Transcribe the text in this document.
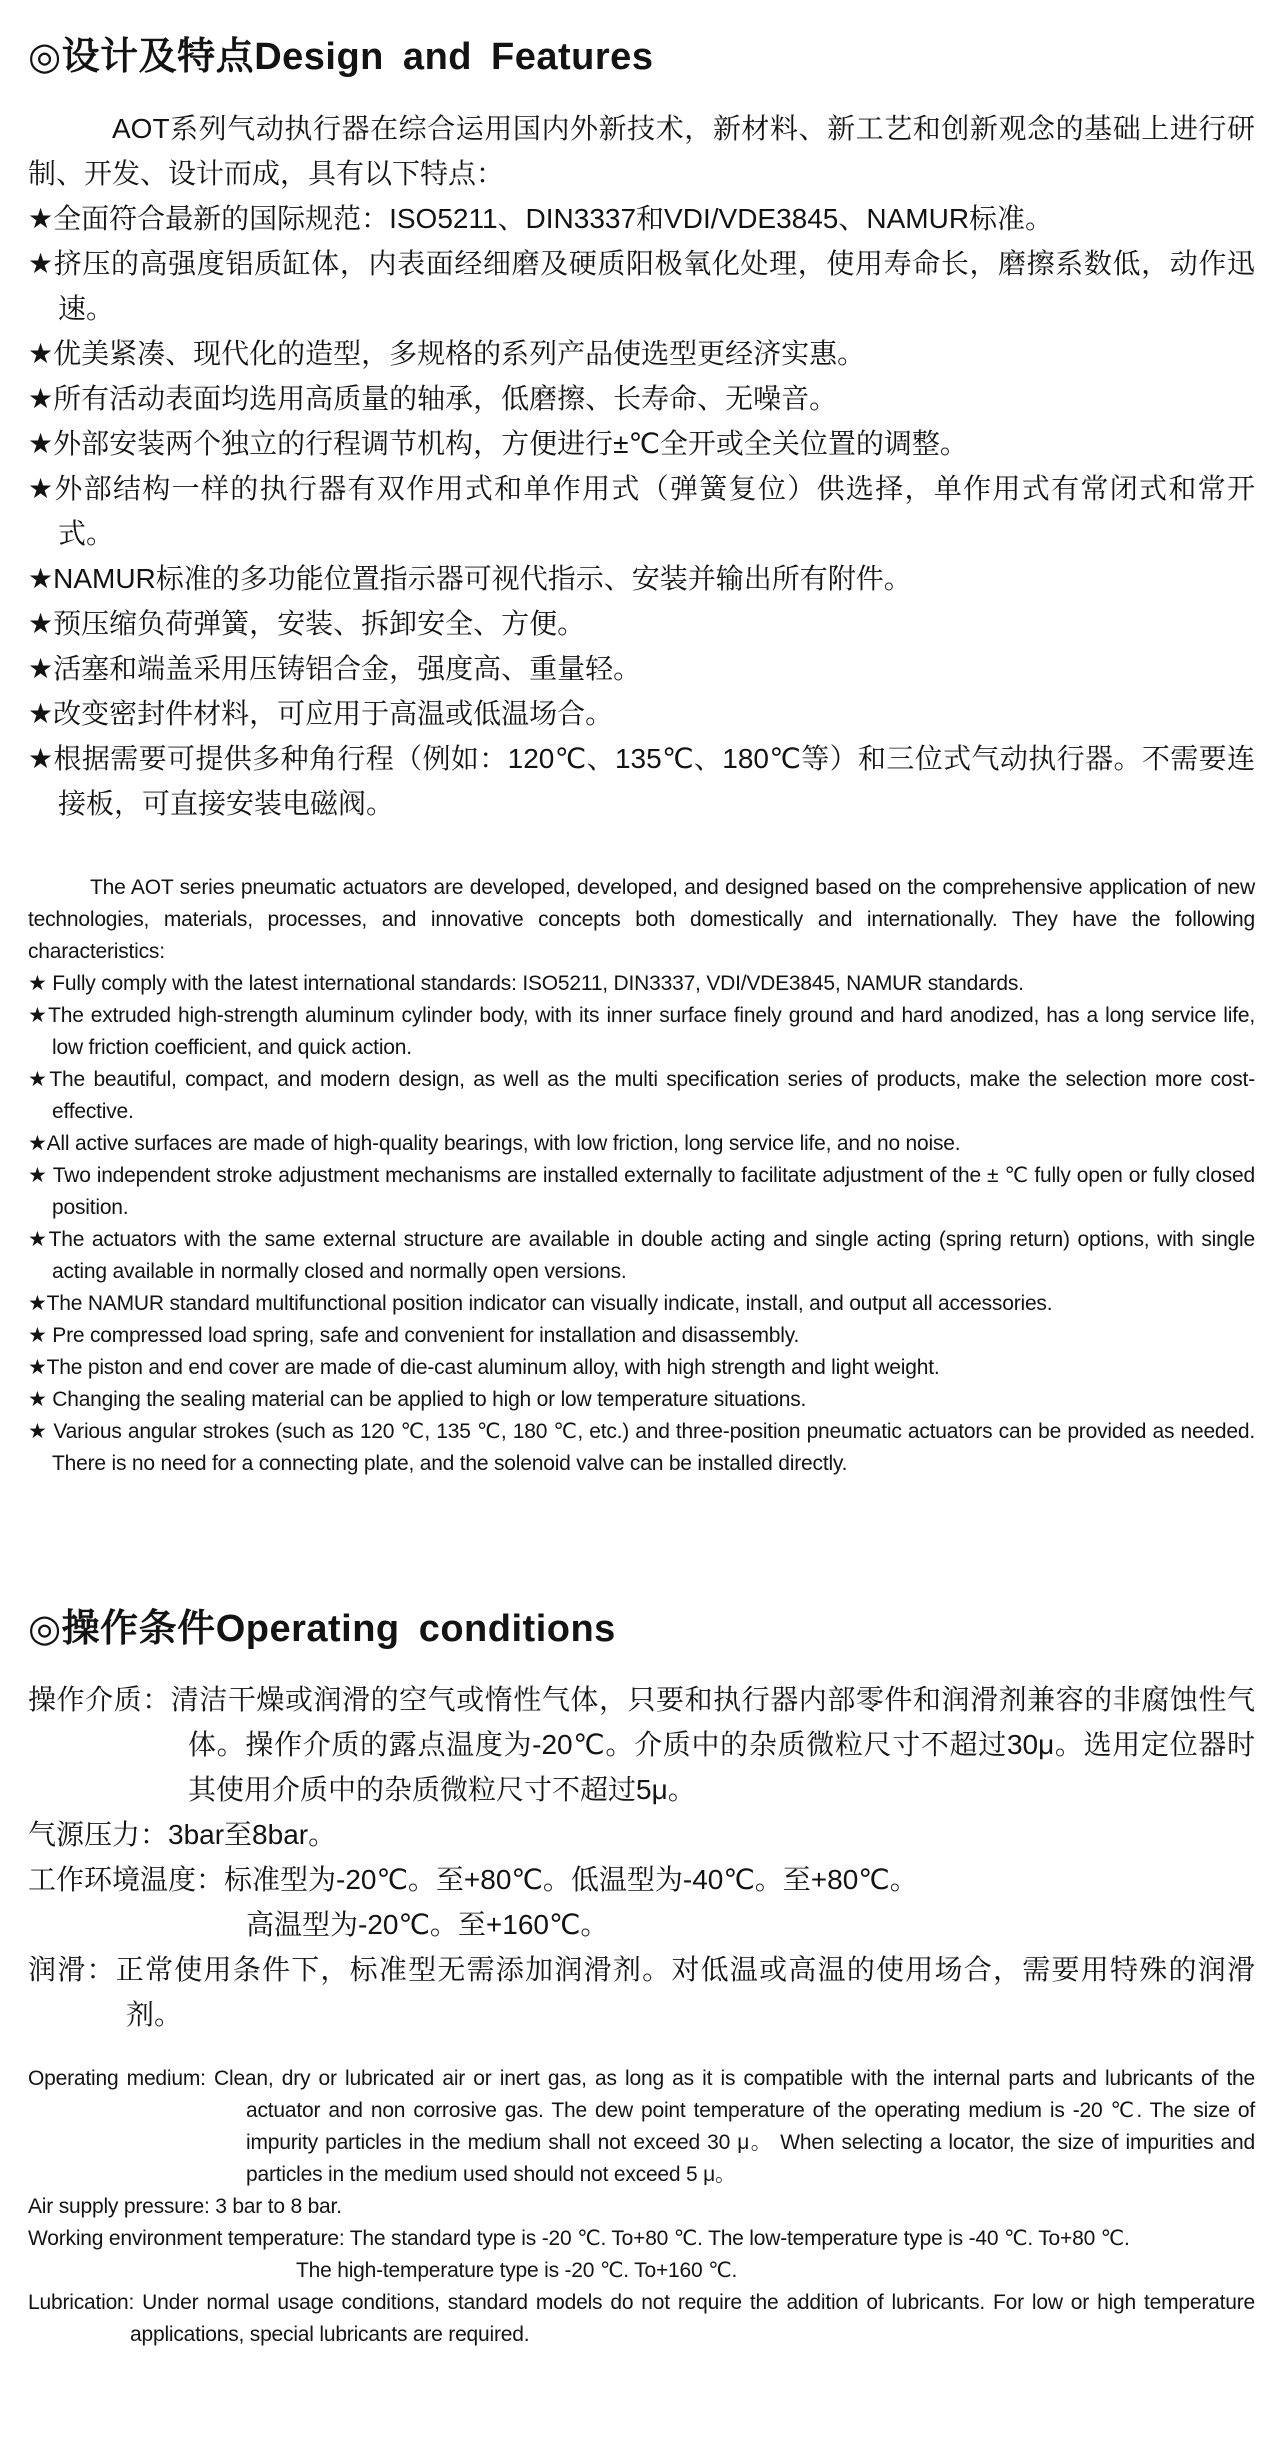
◎设计及特点Design and Features

AOT系列气动执行器在综合运用国内外新技术，新材料、新工艺和创新观念的基础上进行研制、开发、设计而成，具有以下特点：

★全面符合最新的国际规范：ISO5211、DIN3337和VDI/VDE3845、NAMUR标准。

★挤压的高强度铝质缸体，内表面经细磨及硬质阳极氧化处理，使用寿命长，磨擦系数低，动作迅速。

★优美紧凑、现代化的造型，多规格的系列产品使选型更经济实惠。

★所有活动表面均选用高质量的轴承，低磨擦、长寿命、无噪音。

★外部安装两个独立的行程调节机构，方便进行±℃全开或全关位置的调整。

★外部结构一样的执行器有双作用式和单作用式（弹簧复位）供选择，单作用式有常闭式和常开式。

★NAMUR标准的多功能位置指示器可视代指示、安装并输出所有附件。

★预压缩负荷弹簧，安装、拆卸安全、方便。

★活塞和端盖采用压铸铝合金，强度高、重量轻。

★改变密封件材料，可应用于高温或低温场合。

★根据需要可提供多种角行程（例如：120℃、135℃、180℃等）和三位式气动执行器。不需要连接板，可直接安装电磁阀。

The AOT series pneumatic actuators are developed, developed, and designed based on the comprehensive application of new technologies, materials, processes, and innovative concepts both domestically and internationally. They have the following characteristics:

★ Fully comply with the latest international standards: ISO5211, DIN3337, VDI/VDE3845, NAMUR standards.

★The extruded high-strength aluminum cylinder body, with its inner surface finely ground and hard anodized, has a long service life, low friction coefficient, and quick action.

★The beautiful, compact, and modern design, as well as the multi specification series of products, make the selection more cost-effective.

★All active surfaces are made of high-quality bearings, with low friction, long service life, and no noise.

★ Two independent stroke adjustment mechanisms are installed externally to facilitate adjustment of the ± ℃ fully open or fully closed position.

★The actuators with the same external structure are available in double acting and single acting (spring return) options, with single acting available in normally closed and normally open versions.

★The NAMUR standard multifunctional position indicator can visually indicate, install, and output all accessories.

★ Pre compressed load spring, safe and convenient for installation and disassembly.

★The piston and end cover are made of die-cast aluminum alloy, with high strength and light weight.

★ Changing the sealing material can be applied to high or low temperature situations.

★ Various angular strokes (such as 120 ℃, 135 ℃, 180 ℃, etc.) and three-position pneumatic actuators can be provided as needed. There is no need for a connecting plate, and the solenoid valve can be installed directly.

◎操作条件Operating conditions

操作介质：清洁干燥或润滑的空气或惰性气体，只要和执行器内部零件和润滑剂兼容的非腐蚀性气体。操作介质的露点温度为-20℃。介质中的杂质微粒尺寸不超过30μ。选用定位器时其使用介质中的杂质微粒尺寸不超过5μ。

气源压力：3bar至8bar。

工作环境温度：标准型为-20℃。至+80℃。低温型为-40℃。至+80℃。
高温型为-20℃。至+160℃。

润滑：正常使用条件下，标准型无需添加润滑剂。对低温或高温的使用场合，需要用特殊的润滑剂。

Operating medium: Clean, dry or lubricated air or inert gas, as long as it is compatible with the internal parts and lubricants of the actuator and non corrosive gas. The dew point temperature of the operating medium is -20 ℃. The size of impurity particles in the medium shall not exceed 30 μ。 When selecting a locator, the size of impurities and particles in the medium used should not exceed 5 μ。

Air supply pressure: 3 bar to 8 bar.

Working environment temperature: The standard type is -20 ℃. To+80 ℃. The low-temperature type is -40 ℃. To+80 ℃.
The high-temperature type is -20 ℃. To+160 ℃.

Lubrication: Under normal usage conditions, standard models do not require the addition of lubricants. For low or high temperature applications, special lubricants are required.
